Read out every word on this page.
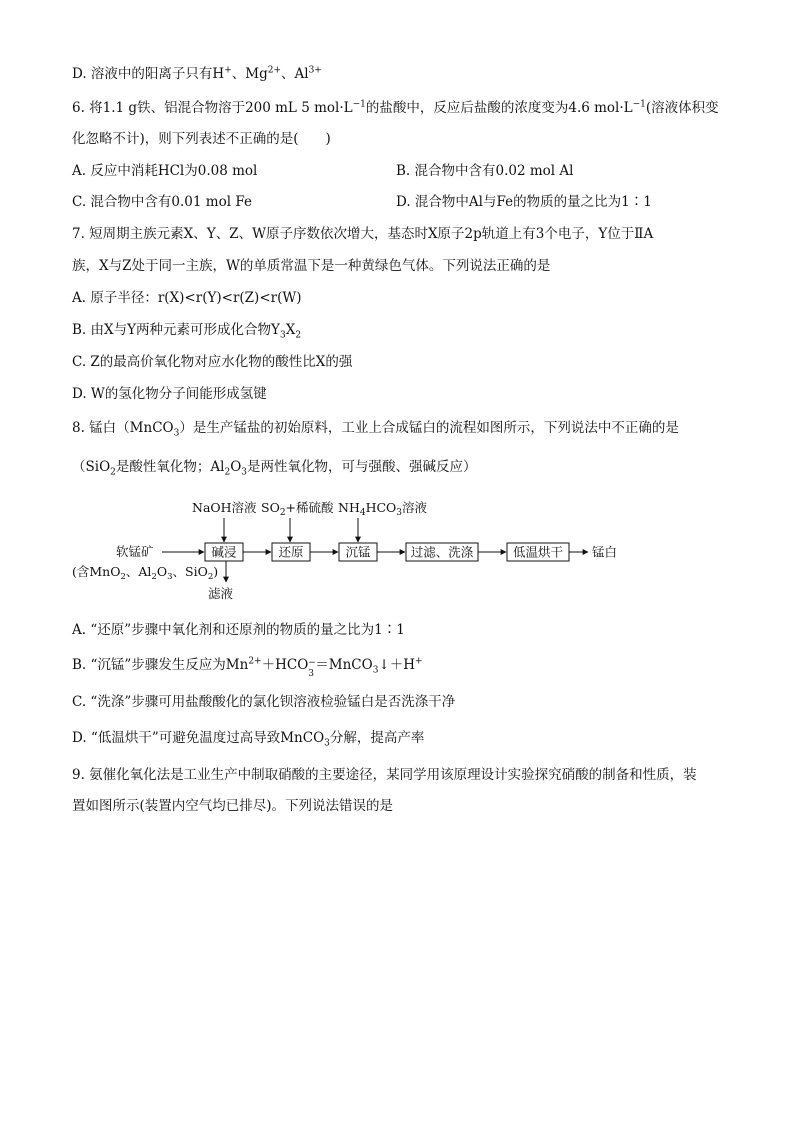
D. 溶液中的阳离子只有H+、$Mg^{2+}$、$Al^{3+}$
6. 将1.1 g铁、铝混合物溶于200 mL 5 $mol\cdot L^{-1}$的盐酸中，反应后盐酸的浓度变为4.6 $mol\cdot L^{-1}$(溶液体积变
化忽略不计)，则下列表述不正确的是(　　)
A. 反应中消耗HCl为0.08 mol	B. 混合物中含有0.02 mol Al
C. 混合物中含有0.01 mol Fe	D. 混合物中Al与Fe的物质的量之比为1∶1
7. 短周期主族元素X、Y、Z、W原子序数依次增大，基态时X原子2p轨道上有3个电子，Y位于ⅡA
族，X与Z处于同一主族，W的单质常温下是一种黄绿色气体。下列说法正确的是
A. 原子半径：r(X)<r(Y)<r(Z)<r(W)
B. 由X与Y两种元素可形成化合物$Y_3X_2$
C. Z的最高价氧化物对应水化物的酸性比X的强
D. W的氢化物分子间能形成氢键
8. 锰白（MnCO$_3$）是生产锰盐的初始原料，工业上合成锰白的流程如图所示，下列说法中不正确的是
（SiO$_2$是酸性氧化物；$Al_2O_3$是两性氧化物，可与强酸、强碱反应）
NaOH溶液 $SO_2+$稀硫酸 $NH_4HCO_3$溶液
软锰矿
(含MnO$_2$、$Al_2O_3$、SiO$_2$)
碱浸	还原	沉锰	过滤、洗涤	低温烘干 锰白
滤液
A. “还原”步骤中氧化剂和还原剂的物质的量之比为1∶1
B. “沉锰”步骤发生反应为$Mn^{2+}+HCO$ −
3
＝MnCO$_3$↓＋H+
C. “洗涤”步骤可用盐酸酸化的氯化钡溶液检验锰白是否洗涤干净
D. “低温烘干”可避免温度过高导致MnCO$_3$分解，提高产率
9. 氨催化氧化法是工业生产中制取硝酸的主要途径，某同学用该原理设计实验探究硝酸的制备和性质，装
置如图所示(装置内空气均已排尽)。下列说法错误的是
